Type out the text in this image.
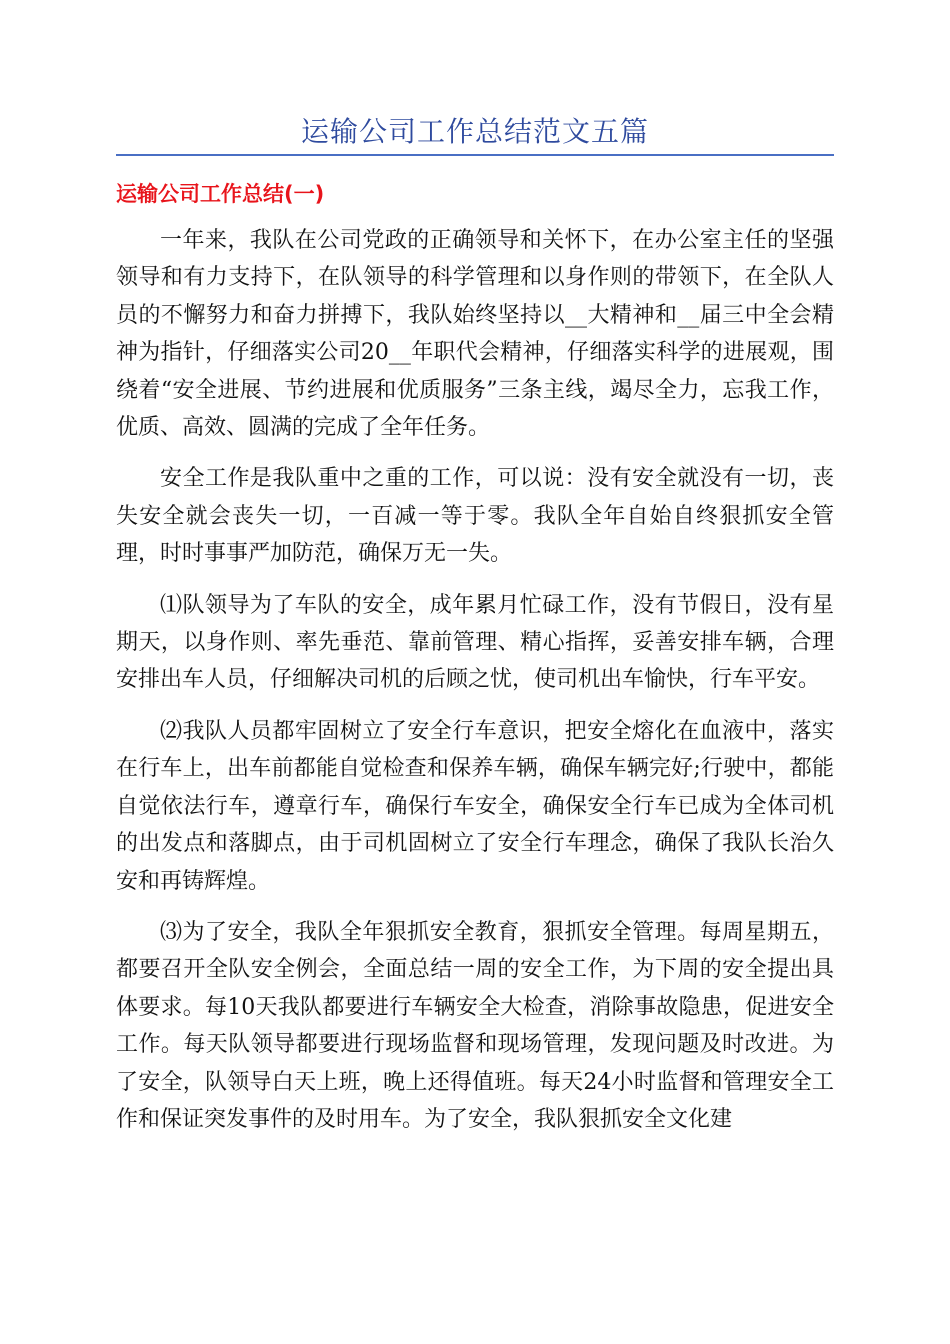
运输公司工作总结范文五篇
运输公司工作总结(一)

一年来，我队在公司党政的正确领导和关怀下，在办公室主任的坚强领导和有力支持下，在队领导的科学管理和以身作则的带领下，在全队人员的不懈努力和奋力拼搏下，我队始终坚持以__大精神和__届三中全会精神为指针，仔细落实公司20__年职代会精神，仔细落实科学的进展观，围绕着“安全进展、节约进展和优质服务”三条主线，竭尽全力，忘我工作，优质、高效、圆满的完成了全年任务。

安全工作是我队重中之重的工作，可以说：没有安全就没有一切，丧失安全就会丧失一切，一百减一等于零。我队全年自始自终狠抓安全管理，时时事事严加防范，确保万无一失。

⑴队领导为了车队的安全，成年累月忙碌工作，没有节假日，没有星期天，以身作则、率先垂范、靠前管理、精心指挥，妥善安排车辆，合理安排出车人员，仔细解决司机的后顾之忧，使司机出车愉快，行车平安。

⑵我队人员都牢固树立了安全行车意识，把安全熔化在血液中，落实在行车上，出车前都能自觉检查和保养车辆，确保车辆完好;行驶中，都能自觉依法行车，遵章行车，确保行车安全，确保安全行车已成为全体司机的出发点和落脚点，由于司机固树立了安全行车理念，确保了我队长治久安和再铸辉煌。

⑶为了安全，我队全年狠抓安全教育，狠抓安全管理。每周星期五，都要召开全队安全例会，全面总结一周的安全工作，为下周的安全提出具体要求。每10天我队都要进行车辆安全大检查，消除事故隐患，促进安全工作。每天队领导都要进行现场监督和现场管理，发现问题及时改进。为了安全，队领导白天上班，晚上还得值班。每天24小时监督和管理安全工作和保证突发事件的及时用车。为了安全，我队狠抓安全文化建
